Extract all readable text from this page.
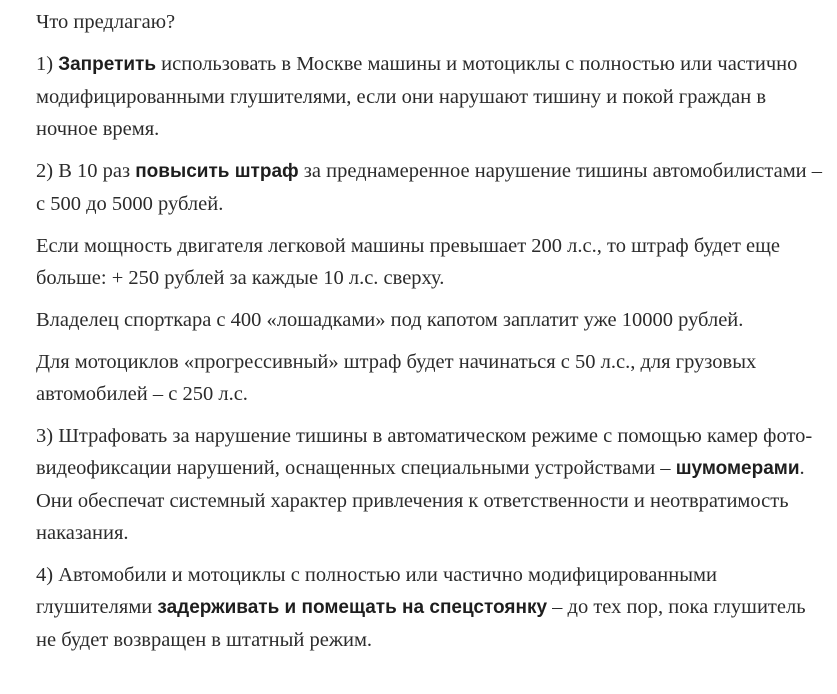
Что предлагаю?

1) Запретить использовать в Москве машины и мотоциклы с полностью или частично модифицированными глушителями, если они нарушают тишину и покой граждан в ночное время.

2) В 10 раз повысить штраф за преднамеренное нарушение тишины автомобилистами – с 500 до 5000 рублей.

Если мощность двигателя легковой машины превышает 200 л.с., то штраф будет еще больше: + 250 рублей за каждые 10 л.с. сверху.

Владелец спорткара с 400 «лошадками» под капотом заплатит уже 10000 рублей.

Для мотоциклов «прогрессивный» штраф будет начинаться с 50 л.с., для грузовых автомобилей – с 250 л.с.

3) Штрафовать за нарушение тишины в автоматическом режиме с помощью камер фото- видеофиксации нарушений, оснащенных специальными устройствами – шумомерами. Они обеспечат системный характер привлечения к ответственности и неотвратимость наказания.

4) Автомобили и мотоциклы с полностью или частично модифицированными глушителями задерживать и помещать на спецстоянку – до тех пор, пока глушитель не будет возвращен в штатный режим.
